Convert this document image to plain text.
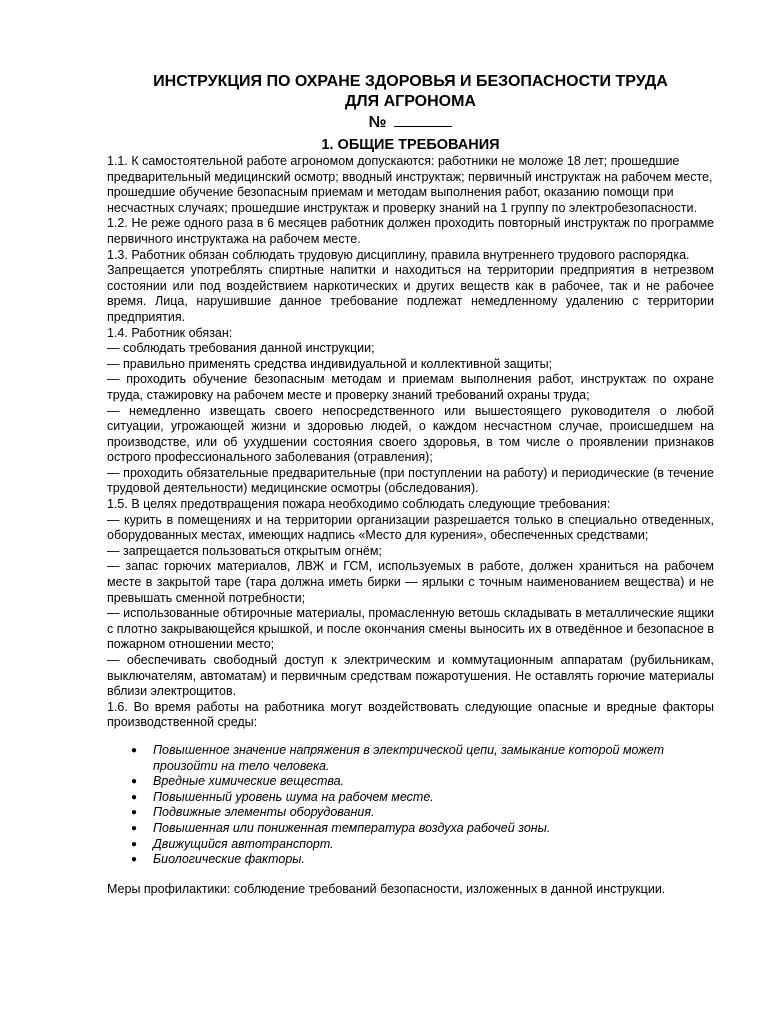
ИНСТРУКЦИЯ ПО ОХРАНЕ ЗДОРОВЬЯ И БЕЗОПАСНОСТИ ТРУДА
ДЛЯ АГРОНОМА
№
1. ОБЩИЕ ТРЕБОВАНИЯ

1.1. К самостоятельной работе агрономом допускаются: работники не моложе 18 лет; прошедшие предварительный медицинский осмотр; вводный инструктаж; первичный инструктаж на рабочем месте, прошедшие обучение безопасным приемам и методам выполнения работ, оказанию помощи при несчастных случаях; прошедшие инструктаж и проверку знаний на 1 группу по электробезопасности.

1.2. Не реже одного раза в 6 месяцев работник должен проходить повторный инструктаж по программе первичного инструктажа на рабочем месте.

1.3. Работник обязан соблюдать трудовую дисциплину, правила внутреннего трудового распорядка.

Запрещается употреблять спиртные напитки и находиться на территории предприятия в нетрезвом состоянии или под воздействием наркотических и других веществ как в рабочее, так и не рабочее время. Лица, нарушившие данное требование подлежат немедленному удалению с территории предприятия.

1.4. Работник обязан:

— соблюдать требования данной инструкции;

— правильно применять средства индивидуальной и коллективной защиты;

— проходить обучение безопасным методам и приемам выполнения работ, инструктаж по охране труда, стажировку на рабочем месте и проверку знаний требований охраны труда;

— немедленно извещать своего непосредственного или вышестоящего руководителя о любой ситуации, угрожающей жизни и здоровью людей, о каждом несчастном случае, происшедшем на производстве, или об ухудшении состояния своего здоровья, в том числе о проявлении признаков острого профессионального заболевания (отравления);

— проходить обязательные предварительные (при поступлении на работу) и периодические (в течение трудовой деятельности) медицинские осмотры (обследования).

1.5. В целях предотвращения пожара необходимо соблюдать следующие требования:

— курить в помещениях и на территории организации разрешается только в специально отведенных, оборудованных местах, имеющих надпись «Место для курения», обеспеченных средствами;

— запрещается пользоваться открытым огнём;

— запас горючих материалов, ЛВЖ и ГСМ, используемых в работе, должен храниться на рабочем месте в закрытой таре (тара должна иметь бирки — ярлыки с точным наименованием вещества) и не превышать сменной потребности;

— использованные обтирочные материалы, промасленную ветошь складывать в металлические ящики с плотно закрывающейся крышкой, и после окончания смены выносить их в отведённое и безопасное в пожарном отношении место;

— обеспечивать свободный доступ к электрическим и коммутационным аппаратам (рубильникам, выключателям, автоматам) и первичным средствам пожаротушения. Не оставлять горючие материалы вблизи электрощитов.

1.6. Во время работы на работника могут воздействовать следующие опасные и вредные факторы производственной среды:

● Повышенное значение напряжения в электрической цепи, замыкание которой может произойти на тело человека.
● Вредные химические вещества.
● Повышенный уровень шума на рабочем месте.
● Подвижные элементы оборудования.
● Повышенная или пониженная температура воздуха рабочей зоны.
● Движущийся автотранспорт.
● Биологические факторы.

Меры профилактики: соблюдение требований безопасности, изложенных в данной инструкции.
